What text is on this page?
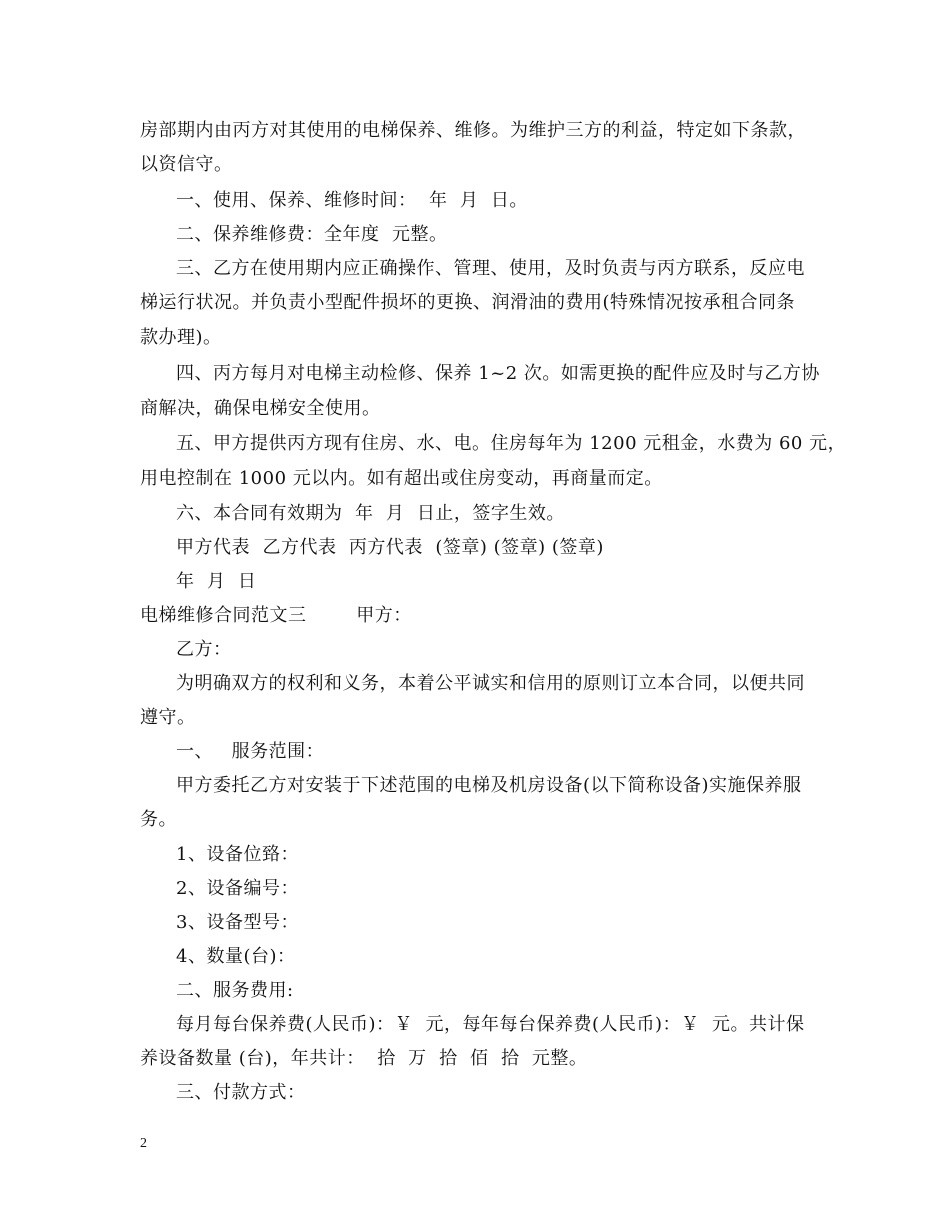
房部期内由丙方对其使用的电梯保养、维修。为维护三方的利益，特定如下条款，
以资信守。
一、使用、保养、维修时间：  年  月  日。
二、保养维修费：全年度  元整。
三、乙方在使用期内应正确操作、管理、使用，及时负责与丙方联系，反应电
梯运行状况。并负责小型配件损坏的更换、润滑油的费用(特殊情况按承租合同条
款办理)。
四、丙方每月对电梯主动检修、保养 1~2 次。如需更换的配件应及时与乙方协
商解决，确保电梯安全使用。
五、甲方提供丙方现有住房、水、电。住房每年为 1200 元租金，水费为 60 元，
用电控制在 1000 元以内。如有超出或住房变动，再商量而定。
六、本合同有效期为  年  月  日止，签字生效。
甲方代表  乙方代表  丙方代表  (签章) (签章) (签章)
年  月  日
电梯维修合同范文三        甲方：
乙方：
为明确双方的权利和义务，本着公平诚实和信用的原则订立本合同，以便共同
遵守。
一、   服务范围：
甲方委托乙方对安装于下述范围的电梯及机房设备(以下简称设备)实施保养服
务。
1、设备位臵：
2、设备编号：
3、设备型号：
4、数量(台)：
二、服务费用:
每月每台保养费(人民币)：￥  元，每年每台保养费(人民币)：￥  元。共计保
养设备数量 (台)，年共计：  拾  万  拾  佰  拾  元整。
三、付款方式：
2
